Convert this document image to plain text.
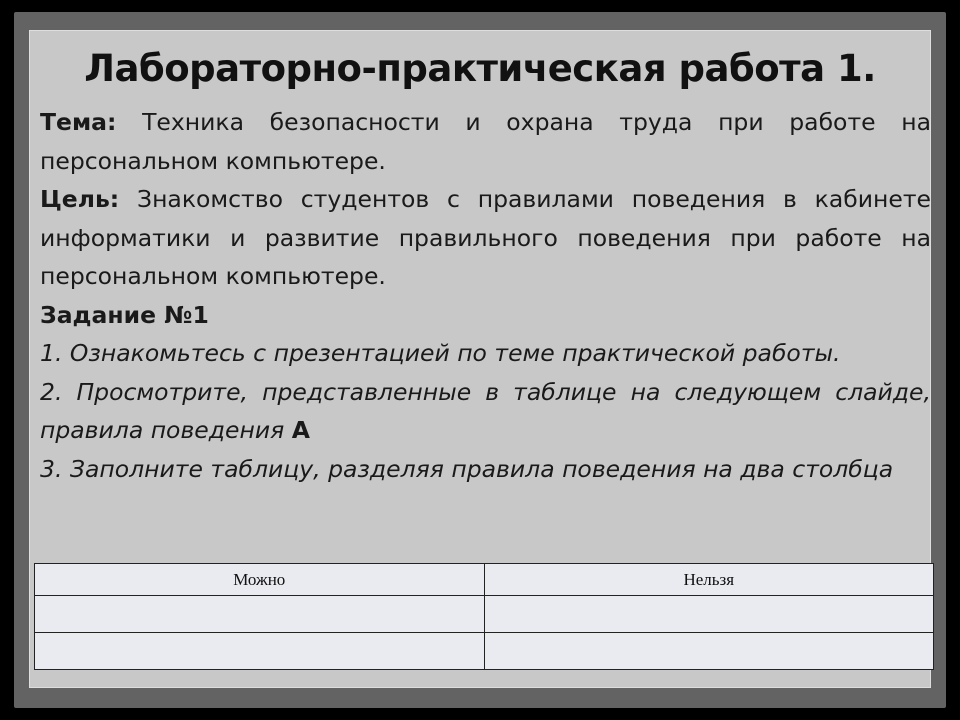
Лабораторно-практическая работа 1.

Тема: Техника безопасности и охрана труда при работе на персональном компьютере.

Цель: Знакомство студентов с правилами поведения в кабинете информатики и развитие правильного поведения при работе на персональном компьютере.

Задание №1

1. Ознакомьтесь с презентацией по теме практической работы.

2. Просмотрите, представленные в таблице на следующем слайде, правила поведения А

3. Заполните таблицу, разделяя правила поведения на два столбца

Можно	Нельзя
